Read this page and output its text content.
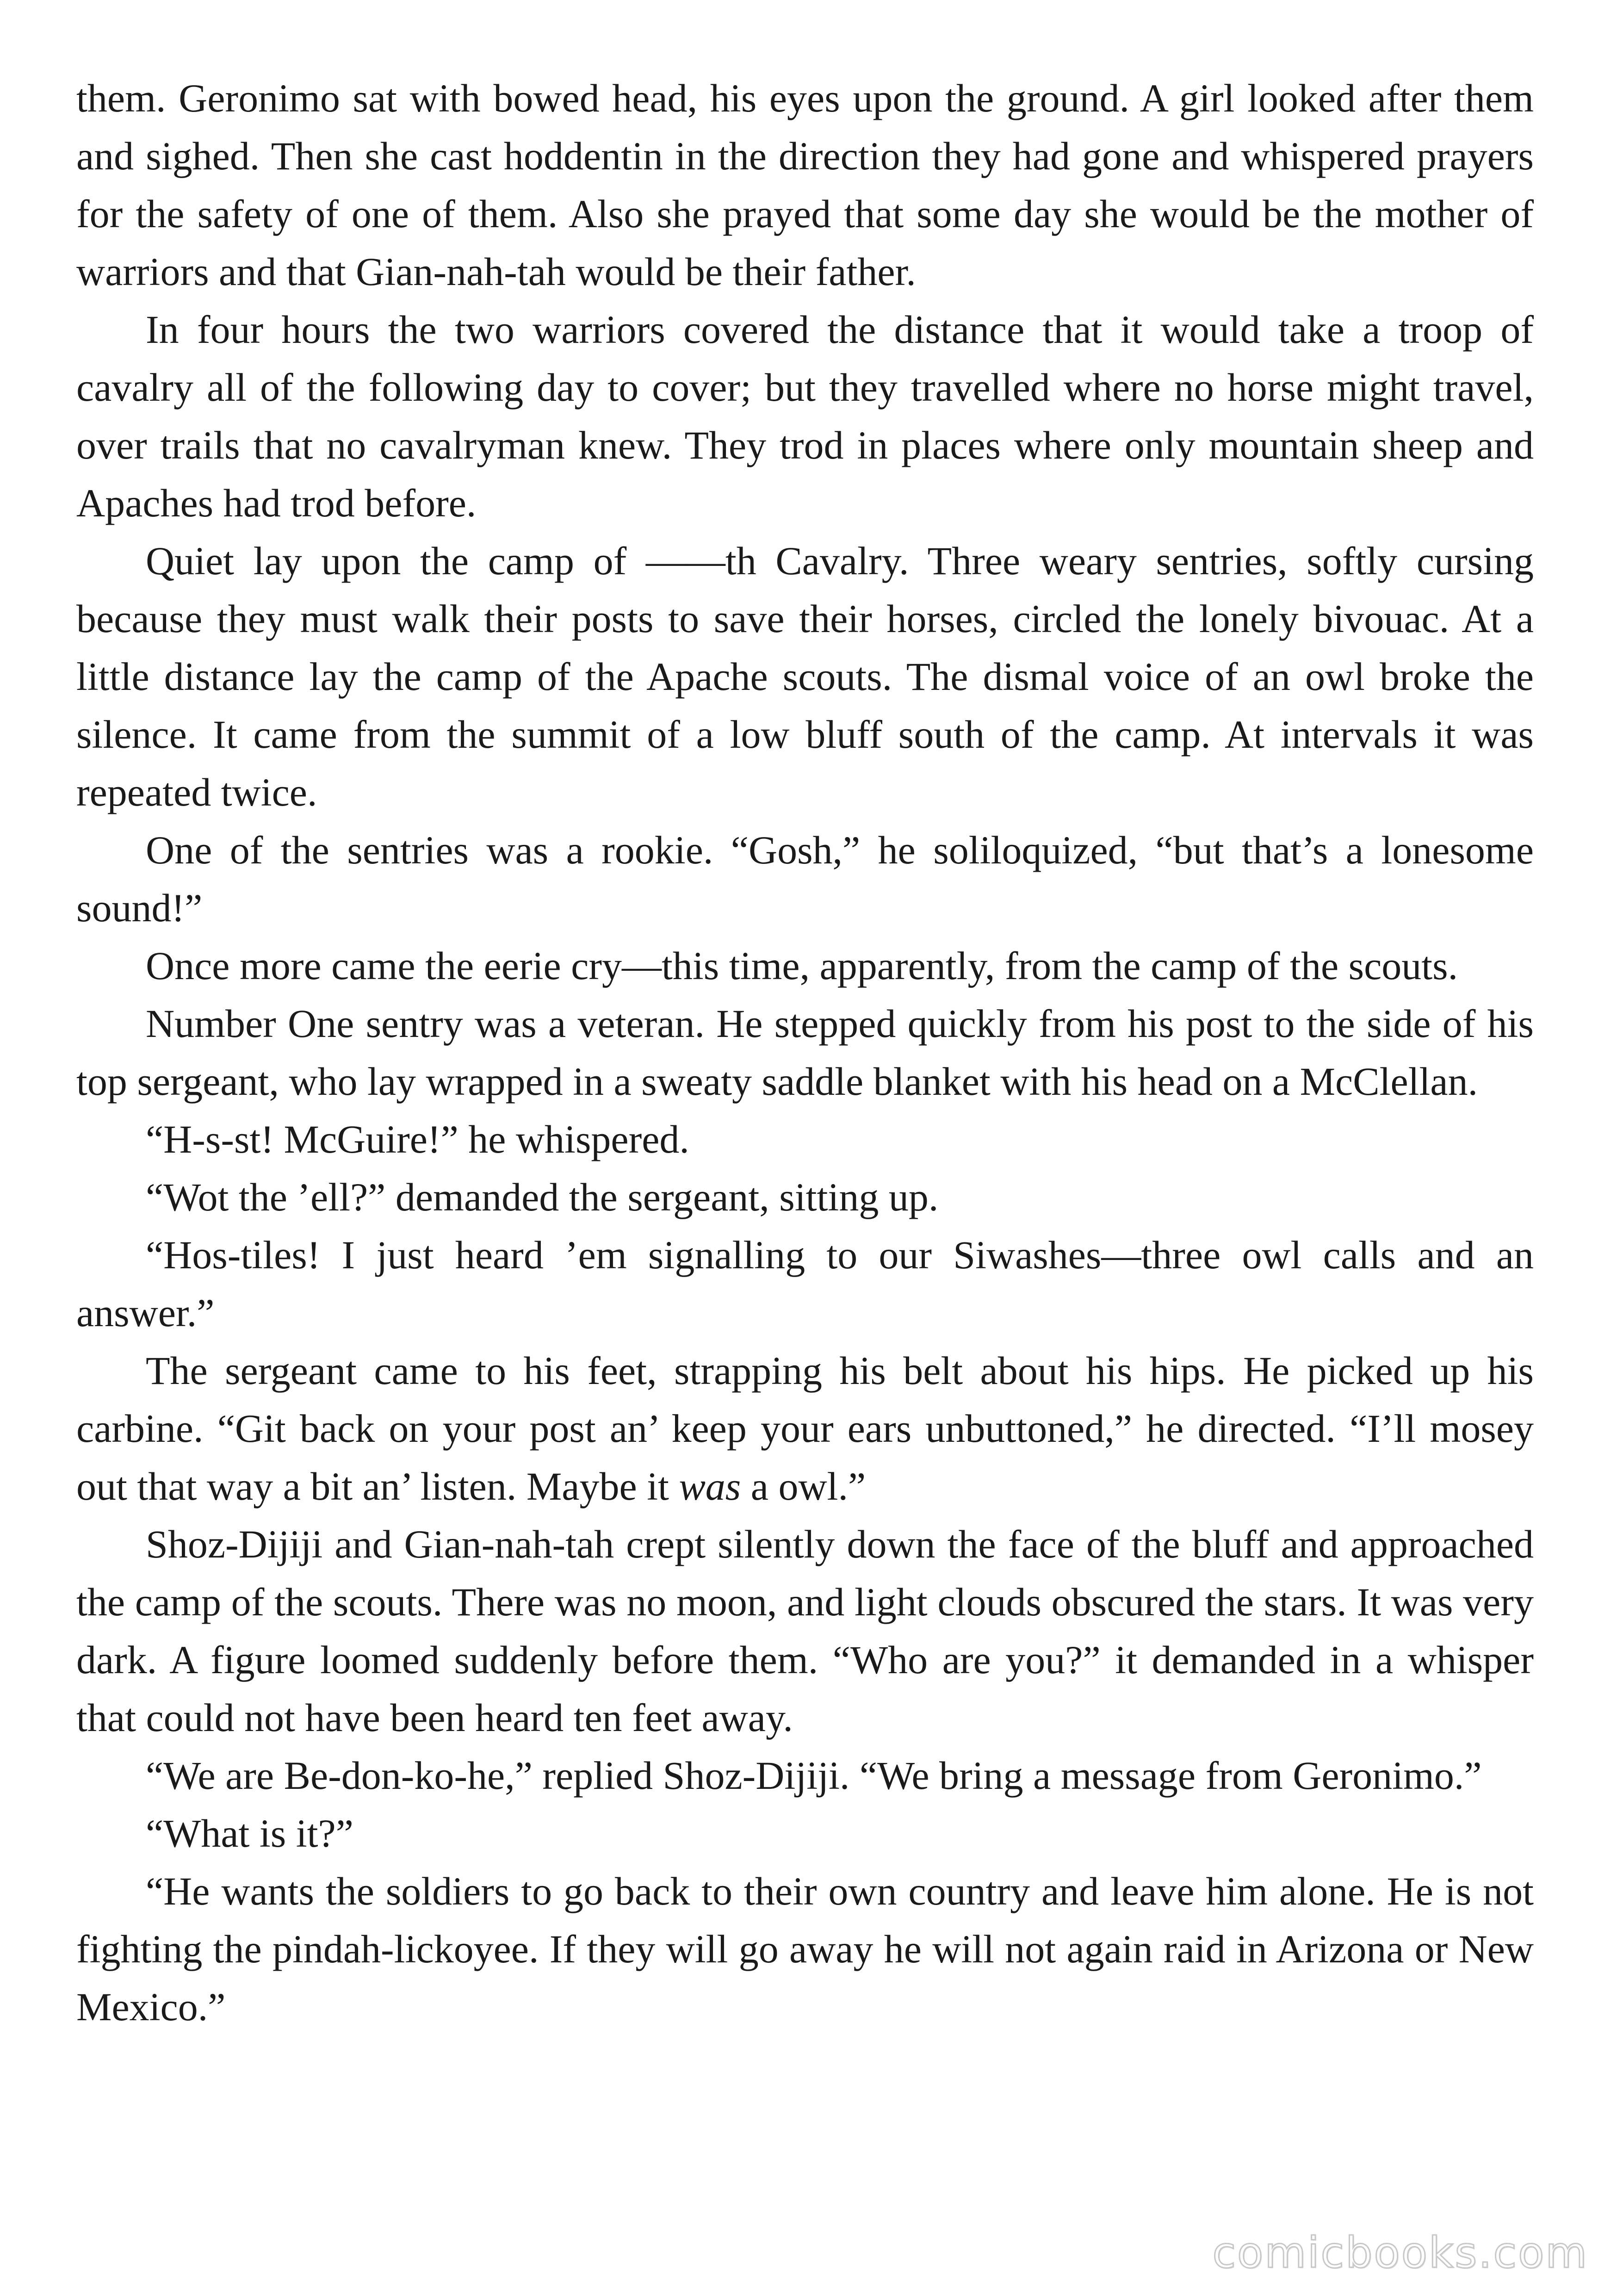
them. Geronimo sat with bowed head, his eyes upon the ground. A girl looked after them and sighed. Then she cast hoddentin in the direction they had gone and whispered prayers for the safety of one of them. Also she prayed that some day she would be the mother of warriors and that Gian-nah-tah would be their father.

In four hours the two warriors covered the distance that it would take a troop of cavalry all of the following day to cover; but they travelled where no horse might travel, over trails that no cavalryman knew. They trod in places where only mountain sheep and Apaches had trod before.

Quiet lay upon the camp of ——th Cavalry. Three weary sentries, softly cursing because they must walk their posts to save their horses, circled the lonely bivouac. At a little distance lay the camp of the Apache scouts. The dismal voice of an owl broke the silence. It came from the summit of a low bluff south of the camp. At intervals it was repeated twice.

One of the sentries was a rookie. “Gosh,” he soliloquized, “but that’s a lonesome sound!”

Once more came the eerie cry—this time, apparently, from the camp of the scouts.

Number One sentry was a veteran. He stepped quickly from his post to the side of his top sergeant, who lay wrapped in a sweaty saddle blanket with his head on a McClellan.

“H-s-st! McGuire!” he whispered.

“Wot the ’ell?” demanded the sergeant, sitting up.

“Hos-tiles! I just heard ’em signalling to our Siwashes—three owl calls and an answer.”

The sergeant came to his feet, strapping his belt about his hips. He picked up his carbine. “Git back on your post an’ keep your ears unbuttoned,” he directed. “I’ll mosey out that way a bit an’ listen. Maybe it was a owl.”

Shoz-Dijiji and Gian-nah-tah crept silently down the face of the bluff and approached the camp of the scouts. There was no moon, and light clouds obscured the stars. It was very dark. A figure loomed suddenly before them. “Who are you?” it demanded in a whisper that could not have been heard ten feet away.

“We are Be-don-ko-he,” replied Shoz-Dijiji. “We bring a message from Geronimo.”

“What is it?”

“He wants the soldiers to go back to their own country and leave him alone. He is not fighting the pindah-lickoyee. If they will go away he will not again raid in Arizona or New Mexico.”

comicbooks.com
